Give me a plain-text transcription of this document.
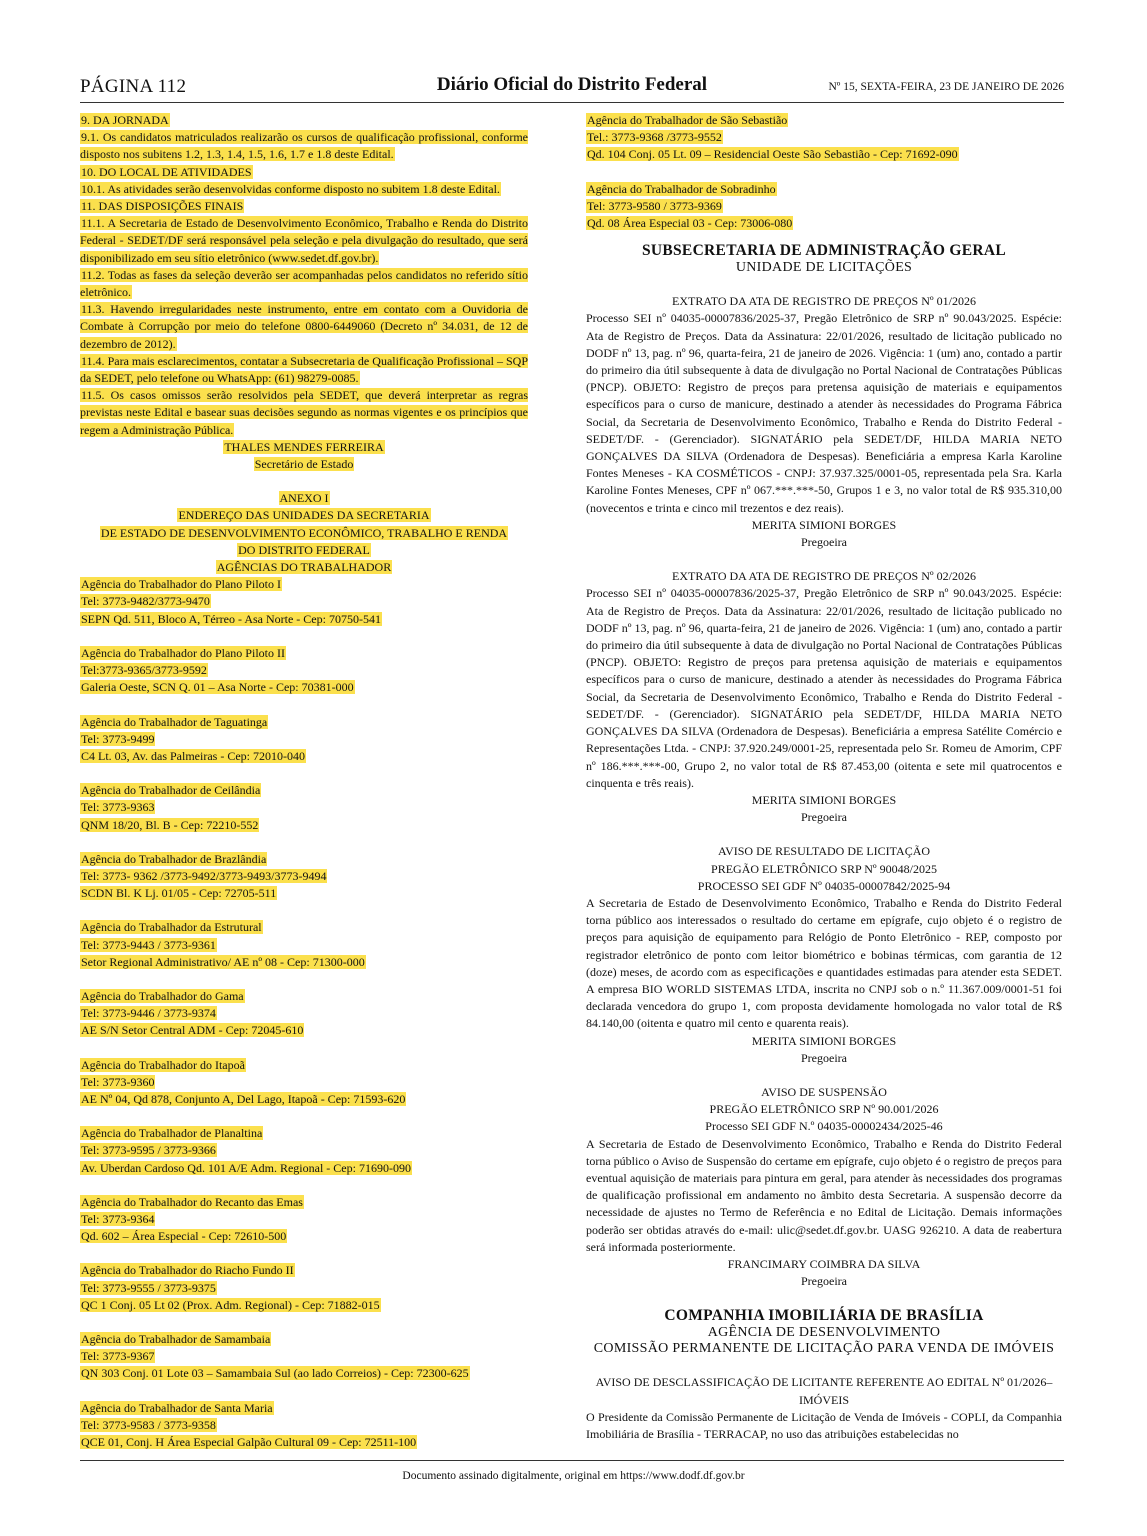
PÁGINA 112	Diário Oficial do Distrito Federal	Nº 15, SEXTA-FEIRA, 23 DE JANEIRO DE 2026

9. DA JORNADA

9.1. Os candidatos matriculados realizarão os cursos de qualificação profissional, conforme disposto nos subitens 1.2, 1.3, 1.4, 1.5, 1.6, 1.7 e 1.8 deste Edital.

10. DO LOCAL DE ATIVIDADES

10.1. As atividades serão desenvolvidas conforme disposto no subitem 1.8 deste Edital.

11. DAS DISPOSIÇÕES FINAIS

11.1. A Secretaria de Estado de Desenvolvimento Econômico, Trabalho e Renda do Distrito Federal - SEDET/DF será responsável pela seleção e pela divulgação do resultado, que será disponibilizado em seu sítio eletrônico (www.sedet.df.gov.br).

11.2. Todas as fases da seleção deverão ser acompanhadas pelos candidatos no referido sítio eletrônico.

11.3. Havendo irregularidades neste instrumento, entre em contato com a Ouvidoria de Combate à Corrupção por meio do telefone 0800-6449060 (Decreto nº 34.031, de 12 de dezembro de 2012).

11.4. Para mais esclarecimentos, contatar a Subsecretaria de Qualificação Profissional – SQP da SEDET, pelo telefone ou WhatsApp: (61) 98279-0085.

11.5. Os casos omissos serão resolvidos pela SEDET, que deverá interpretar as regras previstas neste Edital e basear suas decisões segundo as normas vigentes e os princípios que regem a Administração Pública.

THALES MENDES FERREIRA

Secretário de Estado

ANEXO I

ENDEREÇO DAS UNIDADES DA SECRETARIA

DE ESTADO DE DESENVOLVIMENTO ECONÔMICO, TRABALHO E RENDA

DO DISTRITO FEDERAL

AGÊNCIAS DO TRABALHADOR

Agência do Trabalhador do Plano Piloto I

Tel: 3773-9482/3773-9470

SEPN Qd. 511, Bloco A, Térreo - Asa Norte - Cep: 70750-541

Agência do Trabalhador do Plano Piloto II

Tel:3773-9365/3773-9592

Galeria Oeste, SCN Q. 01 – Asa Norte - Cep: 70381-000

Agência do Trabalhador de Taguatinga

Tel: 3773-9499

C4 Lt. 03, Av. das Palmeiras - Cep: 72010-040

Agência do Trabalhador de Ceilândia

Tel: 3773-9363

QNM 18/20, Bl. B - Cep: 72210-552

Agência do Trabalhador de Brazlândia

Tel: 3773- 9362 /3773-9492/3773-9493/3773-9494

SCDN Bl. K Lj. 01/05 - Cep: 72705-511

Agência do Trabalhador da Estrutural

Tel: 3773-9443 / 3773-9361

Setor Regional Administrativo/ AE nº 08 - Cep: 71300-000

Agência do Trabalhador do Gama

Tel: 3773-9446 / 3773-9374

AE S/N Setor Central ADM - Cep: 72045-610

Agência do Trabalhador do Itapoã

Tel: 3773-9360

AE Nº 04, Qd 878, Conjunto A, Del Lago, Itapoã - Cep: 71593-620

Agência do Trabalhador de Planaltina

Tel: 3773-9595 / 3773-9366

Av. Uberdan Cardoso Qd. 101 A/E Adm. Regional - Cep: 71690-090

Agência do Trabalhador do Recanto das Emas

Tel: 3773-9364

Qd. 602 – Área Especial - Cep: 72610-500

Agência do Trabalhador do Riacho Fundo II

Tel: 3773-9555 / 3773-9375

QC 1 Conj. 05 Lt 02 (Prox. Adm. Regional) - Cep: 71882-015

Agência do Trabalhador de Samambaia

Tel: 3773-9367

QN 303 Conj. 01 Lote 03 – Samambaia Sul (ao lado Correios) - Cep: 72300-625

Agência do Trabalhador de Santa Maria

Tel: 3773-9583 / 3773-9358

QCE 01, Conj. H Área Especial Galpão Cultural 09 - Cep: 72511-100

Agência do Trabalhador de São Sebastião

Tel.: 3773-9368 /3773-9552

Qd. 104 Conj. 05 Lt. 09 – Residencial Oeste São Sebastião - Cep: 71692-090

Agência do Trabalhador de Sobradinho

Tel: 3773-9580 / 3773-9369

Qd. 08 Área Especial 03 - Cep: 73006-080

SUBSECRETARIA DE ADMINISTRAÇÃO GERAL

UNIDADE DE LICITAÇÕES

EXTRATO DA ATA DE REGISTRO DE PREÇOS Nº 01/2026

Processo SEI nº 04035-00007836/2025-37, Pregão Eletrônico de SRP nº 90.043/2025. Espécie: Ata de Registro de Preços. Data da Assinatura: 22/01/2026, resultado de licitação publicado no DODF nº 13, pag. nº 96, quarta-feira, 21 de janeiro de 2026. Vigência: 1 (um) ano, contado a partir do primeiro dia útil subsequente à data de divulgação no Portal Nacional de Contratações Públicas (PNCP). OBJETO: Registro de preços para pretensa aquisição de materiais e equipamentos específicos para o curso de manicure, destinado a atender às necessidades do Programa Fábrica Social, da Secretaria de Desenvolvimento Econômico, Trabalho e Renda do Distrito Federal - SEDET/DF. - (Gerenciador). SIGNATÁRIO pela SEDET/DF, HILDA MARIA NETO GONÇALVES DA SILVA (Ordenadora de Despesas). Beneficiária a empresa Karla Karoline Fontes Meneses - KA COSMÉTICOS - CNPJ: 37.937.325/0001-05, representada pela Sra. Karla Karoline Fontes Meneses, CPF nº 067.***.***-50, Grupos 1 e 3, no valor total de R$ 935.310,00 (novecentos e trinta e cinco mil trezentos e dez reais).

MERITA SIMIONI BORGES

Pregoeira

EXTRATO DA ATA DE REGISTRO DE PREÇOS Nº 02/2026

Processo SEI nº 04035-00007836/2025-37, Pregão Eletrônico de SRP nº 90.043/2025. Espécie: Ata de Registro de Preços. Data da Assinatura: 22/01/2026, resultado de licitação publicado no DODF nº 13, pag. nº 96, quarta-feira, 21 de janeiro de 2026. Vigência: 1 (um) ano, contado a partir do primeiro dia útil subsequente à data de divulgação no Portal Nacional de Contratações Públicas (PNCP). OBJETO: Registro de preços para pretensa aquisição de materiais e equipamentos específicos para o curso de manicure, destinado a atender às necessidades do Programa Fábrica Social, da Secretaria de Desenvolvimento Econômico, Trabalho e Renda do Distrito Federal - SEDET/DF. - (Gerenciador). SIGNATÁRIO pela SEDET/DF, HILDA MARIA NETO GONÇALVES DA SILVA (Ordenadora de Despesas). Beneficiária a empresa Satélite Comércio e Representações Ltda. - CNPJ: 37.920.249/0001-25, representada pelo Sr. Romeu de Amorim, CPF nº 186.***.***-00, Grupo 2, no valor total de R$ 87.453,00 (oitenta e sete mil quatrocentos e cinquenta e três reais).

MERITA SIMIONI BORGES

Pregoeira

AVISO DE RESULTADO DE LICITAÇÃO

PREGÃO ELETRÔNICO SRP Nº 90048/2025

PROCESSO SEI GDF Nº 04035-00007842/2025-94

A Secretaria de Estado de Desenvolvimento Econômico, Trabalho e Renda do Distrito Federal torna público aos interessados o resultado do certame em epígrafe, cujo objeto é o registro de preços para aquisição de equipamento para Relógio de Ponto Eletrônico - REP, composto por registrador eletrônico de ponto com leitor biométrico e bobinas térmicas, com garantia de 12 (doze) meses, de acordo com as especificações e quantidades estimadas para atender esta SEDET. A empresa BIO WORLD SISTEMAS LTDA, inscrita no CNPJ sob o n.º 11.367.009/0001-51 foi declarada vencedora do grupo 1, com proposta devidamente homologada no valor total de R$ 84.140,00 (oitenta e quatro mil cento e quarenta reais).

MERITA SIMIONI BORGES

Pregoeira

AVISO DE SUSPENSÃO

PREGÃO ELETRÔNICO SRP Nº 90.001/2026

Processo SEI GDF N.º 04035-00002434/2025-46

A Secretaria de Estado de Desenvolvimento Econômico, Trabalho e Renda do Distrito Federal torna público o Aviso de Suspensão do certame em epígrafe, cujo objeto é o registro de preços para eventual aquisição de materiais para pintura em geral, para atender às necessidades dos programas de qualificação profissional em andamento no âmbito desta Secretaria. A suspensão decorre da necessidade de ajustes no Termo de Referência e no Edital de Licitação. Demais informações poderão ser obtidas através do e-mail: ulic@sedet.df.gov.br. UASG 926210. A data de reabertura será informada posteriormente.

FRANCIMARY COIMBRA DA SILVA

Pregoeira

COMPANHIA IMOBILIÁRIA DE BRASÍLIA

AGÊNCIA DE DESENVOLVIMENTO

COMISSÃO PERMANENTE DE LICITAÇÃO PARA VENDA DE IMÓVEIS

AVISO DE DESCLASSIFICAÇÃO DE LICITANTE REFERENTE AO EDITAL Nº 01/2026–IMÓVEIS

O Presidente da Comissão Permanente de Licitação de Venda de Imóveis - COPLI, da Companhia Imobiliária de Brasília - TERRACAP, no uso das atribuições estabelecidas no

Documento assinado digitalmente, original em https://www.dodf.df.gov.br
